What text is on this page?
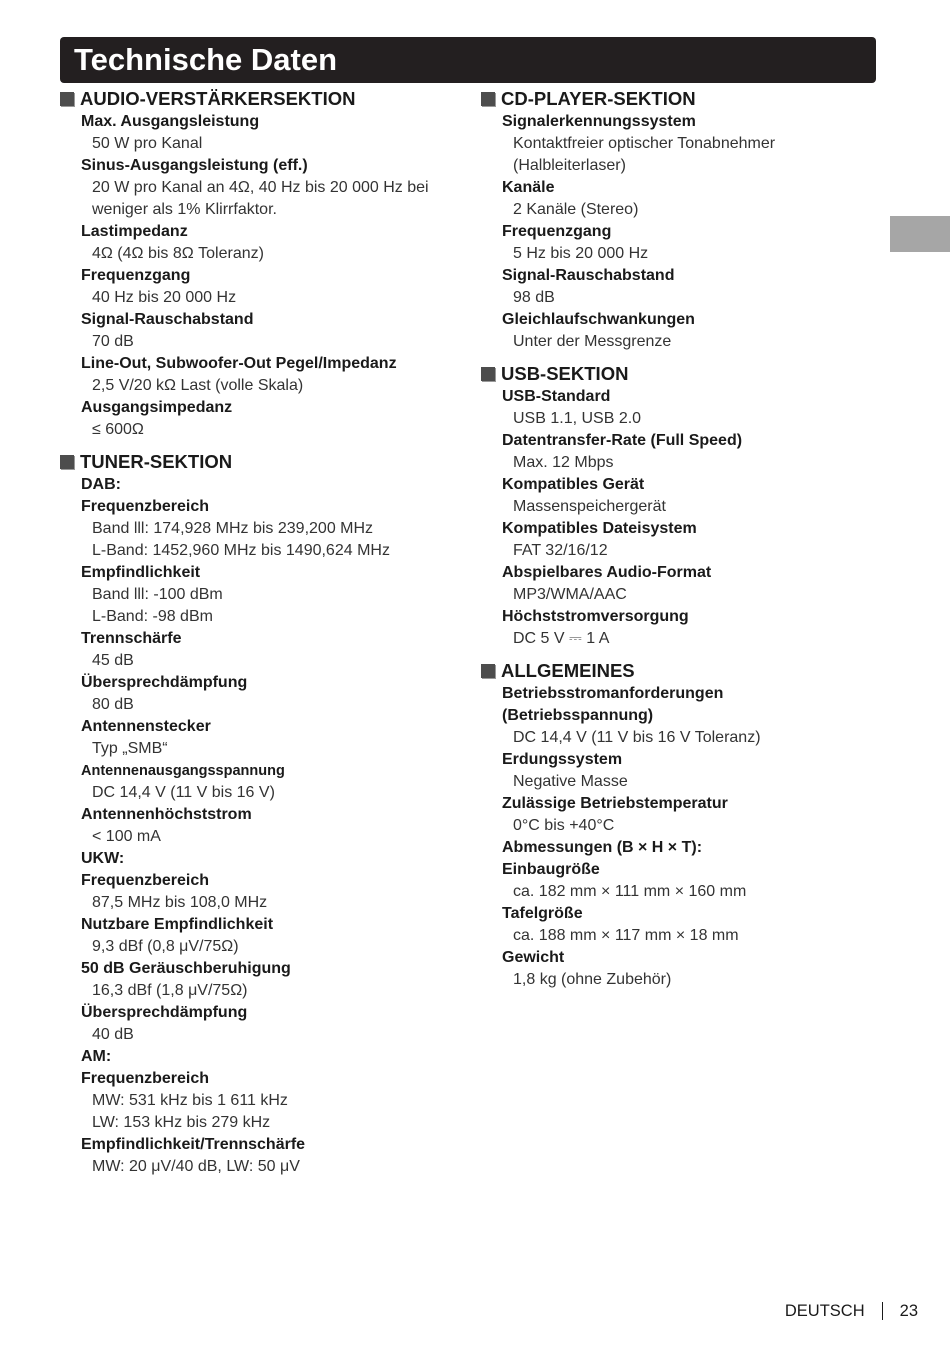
Technische Daten
AUDIO-VERSTÄRKERSEKTION
Max. Ausgangsleistung
50 W pro Kanal
Sinus-Ausgangsleistung (eff.)
20 W pro Kanal an 4Ω, 40 Hz bis 20 000 Hz bei
weniger als 1% Klirrfaktor.
Lastimpedanz
4Ω (4Ω bis 8Ω Toleranz)
Frequenzgang
40 Hz bis 20 000 Hz
Signal-Rauschabstand
70 dB
Line-Out, Subwoofer-Out Pegel/Impedanz
2,5 V/20 kΩ Last (volle Skala)
Ausgangsimpedanz
≤ 600Ω
TUNER-SEKTION
DAB:
Frequenzbereich
Band lll: 174,928 MHz bis 239,200 MHz
L-Band: 1452,960 MHz bis 1490,624 MHz
Empfindlichkeit
Band lll: -100 dBm
L-Band: -98 dBm
Trennschärfe
45 dB
Übersprechdämpfung
80 dB
Antennenstecker
Typ „SMB“
Antennenausgangsspannung
DC 14,4 V (11 V bis 16 V)
Antennenhöchststrom
< 100 mA
UKW:
Frequenzbereich
87,5 MHz bis 108,0 MHz
Nutzbare Empfindlichkeit
9,3 dBf (0,8 μV/75Ω)
50 dB Geräuschberuhigung
16,3 dBf (1,8 μV/75Ω)
Übersprechdämpfung
40 dB
AM:
Frequenzbereich
MW: 531 kHz bis 1 611 kHz
LW: 153 kHz bis 279 kHz
Empfindlichkeit/Trennschärfe
MW: 20 μV/40 dB, LW: 50 μV
CD-PLAYER-SEKTION
Signalerkennungssystem
Kontaktfreier optischer Tonabnehmer
(Halbleiterlaser)
Kanäle
2 Kanäle (Stereo)
Frequenzgang
5 Hz bis 20 000 Hz
Signal-Rauschabstand
98 dB
Gleichlaufschwankungen
Unter der Messgrenze
USB-SEKTION
USB-Standard
USB 1.1, USB 2.0
Datentransfer-Rate (Full Speed)
Max. 12 Mbps
Kompatibles Gerät
Massenspeichergerät
Kompatibles Dateisystem
FAT 32/16/12
Abspielbares Audio-Format
MP3/WMA/AAC
Höchststromversorgung
DC 5 V ⎓ 1 A
ALLGEMEINES
Betriebsstromanforderungen
(Betriebsspannung)
DC 14,4 V (11 V bis 16 V Toleranz)
Erdungssystem
Negative Masse
Zulässige Betriebstemperatur
0°C bis +40°C
Abmessungen (B × H × T):
Einbaugröße
ca. 182 mm × 111 mm × 160 mm
Tafelgröße
ca. 188 mm × 117 mm × 18 mm
Gewicht
1,8 kg (ohne Zubehör)
DEUTSCH 23
